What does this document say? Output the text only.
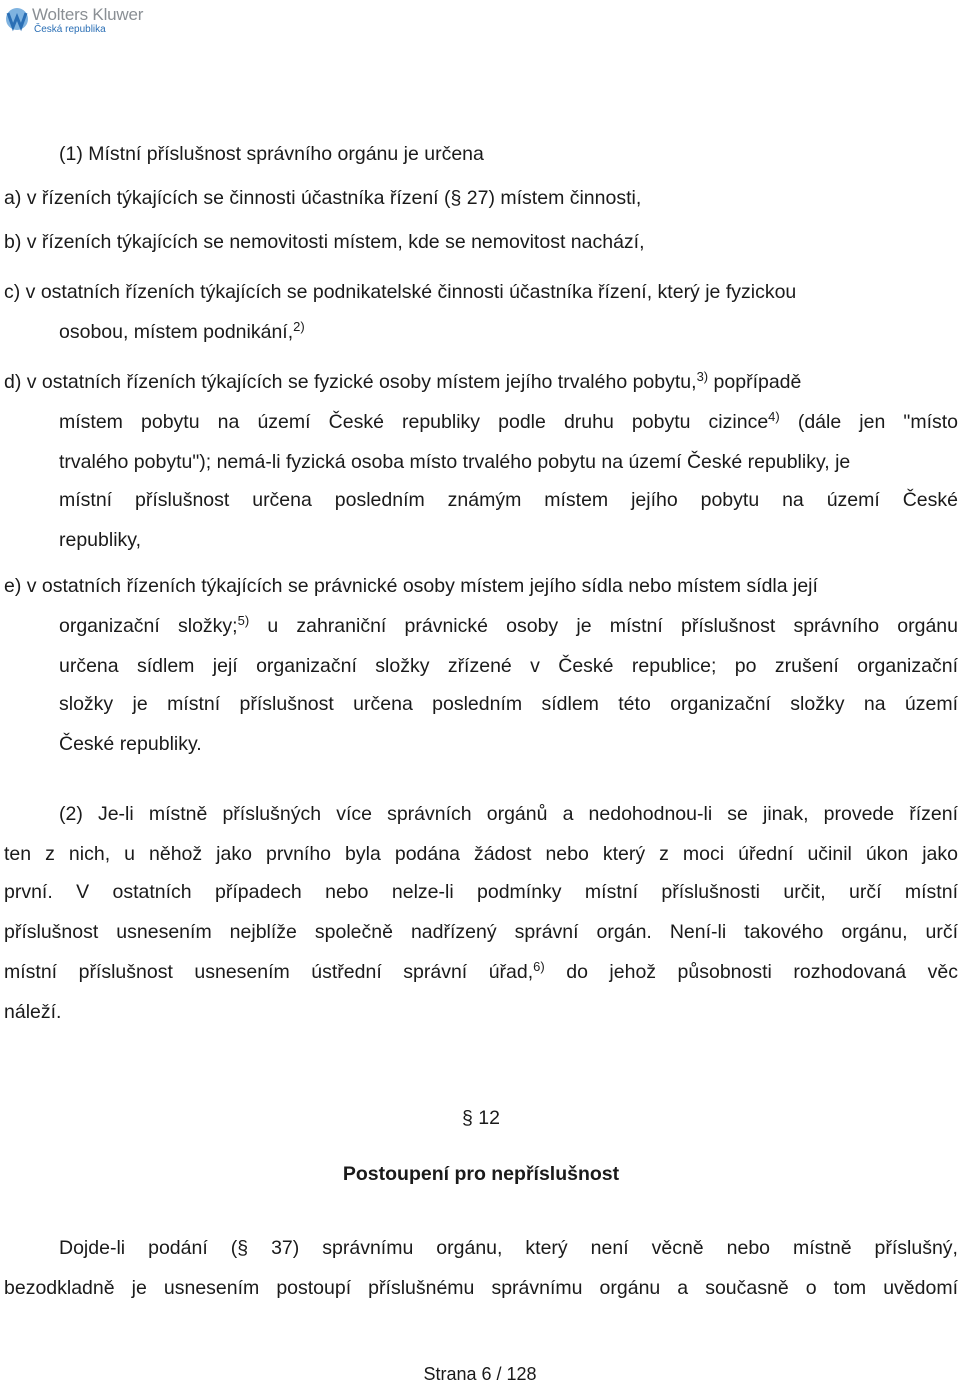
Wolters Kluwer
Česká republika
(1) Místní příslušnost správního orgánu je určena
a) v řízeních týkajících se činnosti účastníka řízení (§ 27) místem činnosti,
b) v řízeních týkajících se nemovitosti místem, kde se nemovitost nachází,
c) v ostatních řízeních týkajících se podnikatelské činnosti účastníka řízení, který je fyzickou
osobou, místem podnikání,$^{2)}$
d) v ostatních řízeních týkajících se fyzické osoby místem jejího trvalého pobytu,$^{3)}$ popřípadě
místem pobytu na území České republiky podle druhu pobytu cizince$^{4)}$ (dále jen "místo
trvalého pobytu"); nemá-li fyzická osoba místo trvalého pobytu na území České republiky, je
místní příslušnost určena posledním známým místem jejího pobytu na území České
republiky,
e) v ostatních řízeních týkajících se právnické osoby místem jejího sídla nebo místem sídla její
organizační složky;$^{5)}$ u zahraniční právnické osoby je místní příslušnost správního orgánu
určena sídlem její organizační složky zřízené v České republice; po zrušení organizační
složky je místní příslušnost určena posledním sídlem této organizační složky na území
České republiky.
(2) Je-li místně příslušných více správních orgánů a nedohodnou-li se jinak, provede řízení
ten z nich, u něhož jako prvního byla podána žádost nebo který z moci úřední učinil úkon jako
první. V ostatních případech nebo nelze-li podmínky místní příslušnosti určit, určí místní
příslušnost usnesením nejblíže společně nadřízený správní orgán. Není-li takového orgánu, určí
místní příslušnost usnesením ústřední správní úřad,$^{6)}$ do jehož působnosti rozhodovaná věc
náleží.
§ 12
Postoupení pro nepříslušnost
Dojde-li podání (§ 37) správnímu orgánu, který není věcně nebo místně příslušný,
bezodkladně je usnesením postoupí příslušnému správnímu orgánu a současně o tom uvědomí
Strana 6 / 128
